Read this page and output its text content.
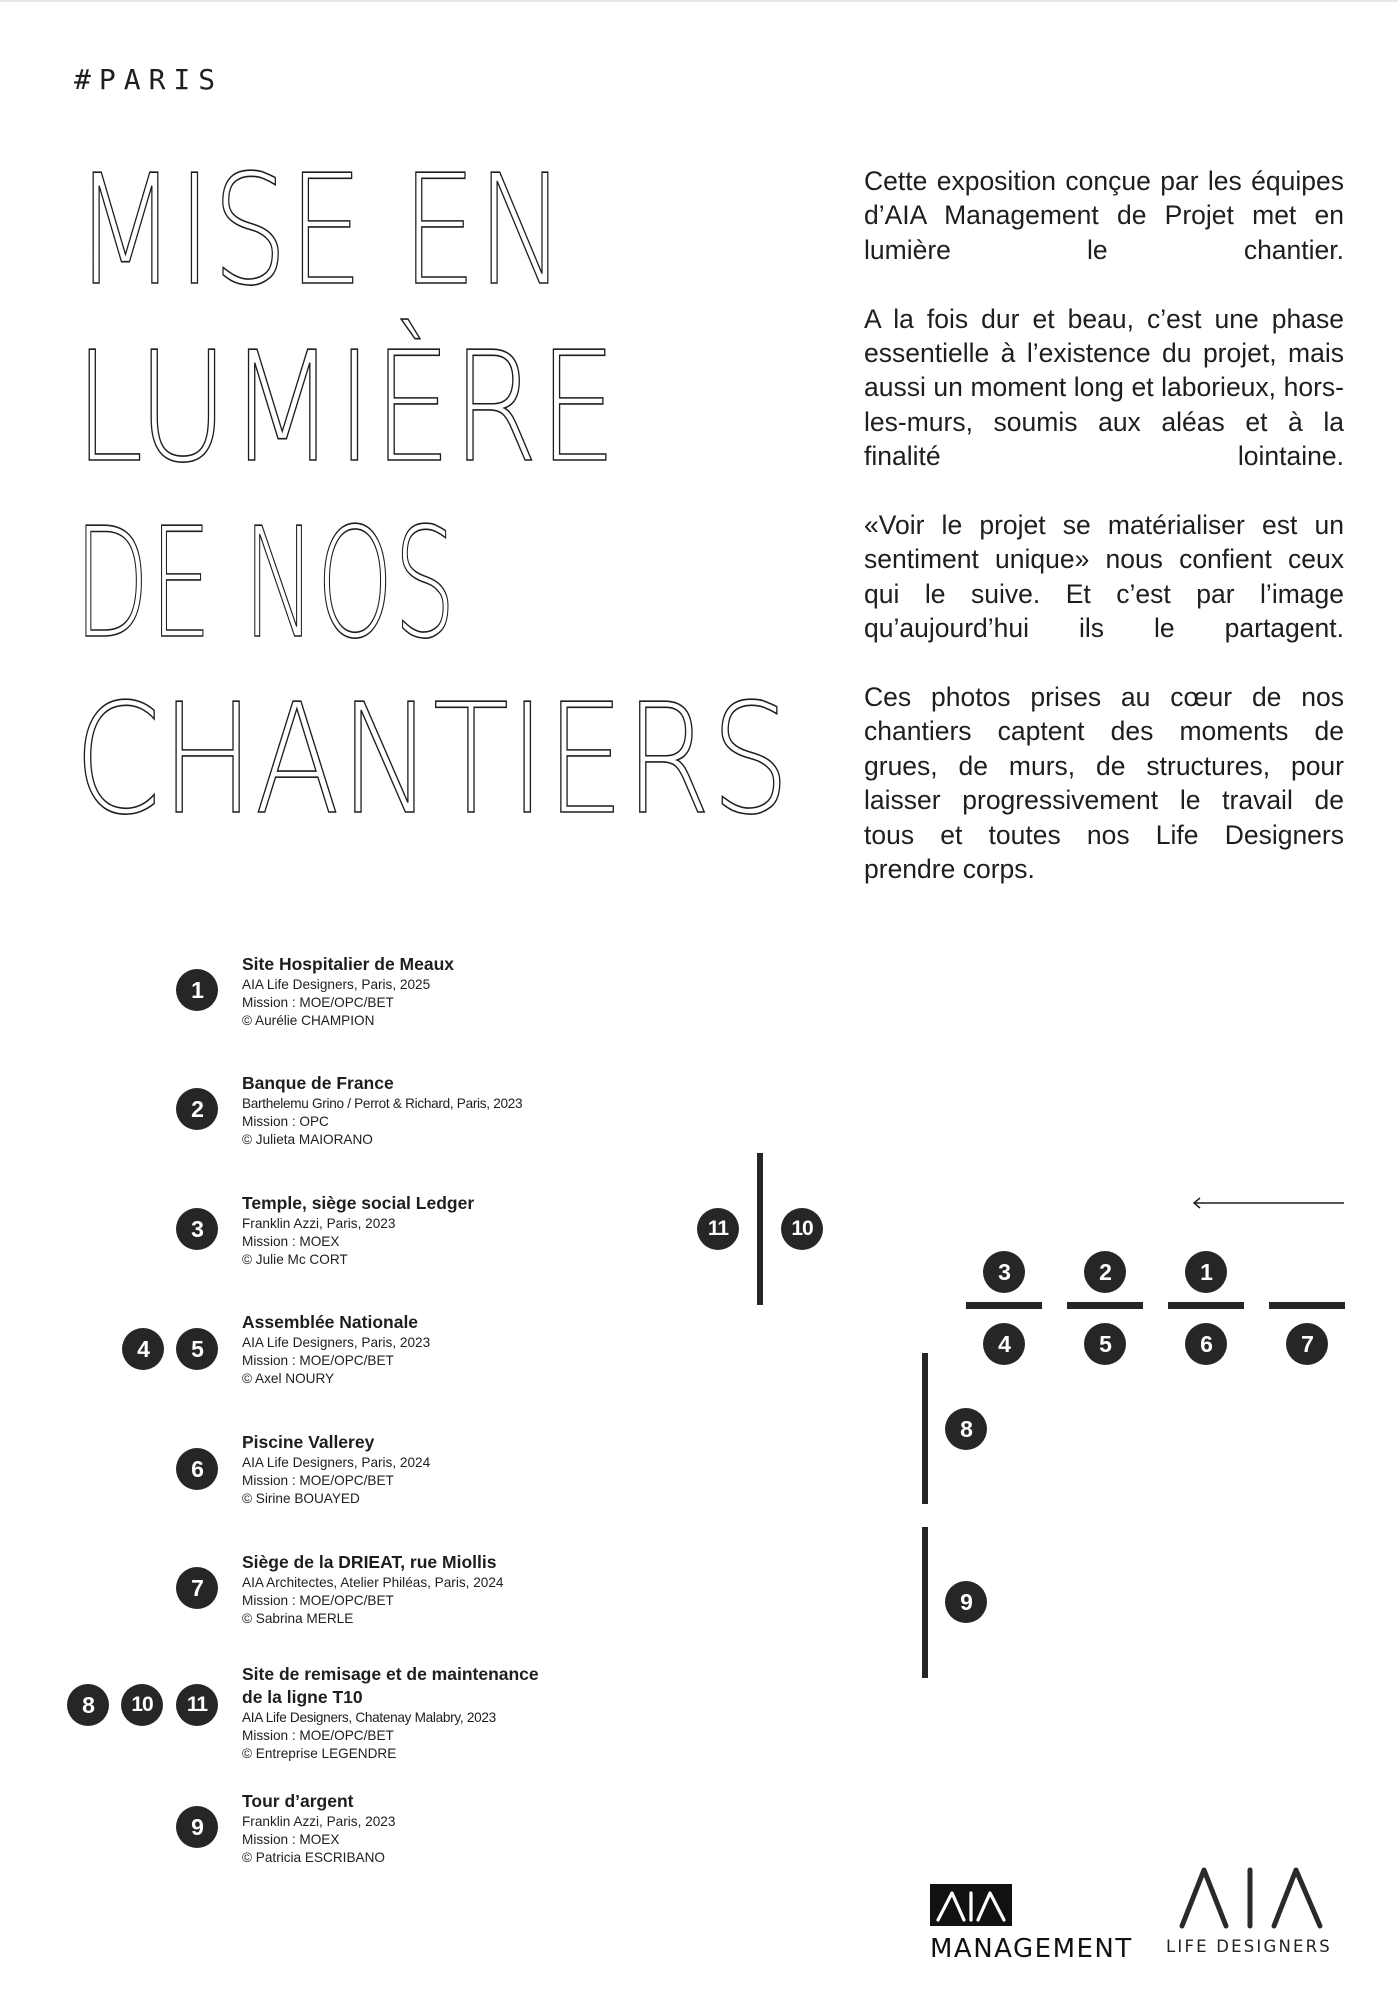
#PARIS
MISE EN
LUMIÈRE
DE NOS
CHANTIERS

Cette exposition conçue par les équipes d’AIA Management de Projet met en lumière le chantier.

A la fois dur et beau, c’est une phase essentielle à l’existence du projet, mais aussi un moment long et laborieux, hors-les-murs, soumis aux aléas et à la finalité lointaine.

«Voir le projet se matérialiser est un sentiment unique» nous confient ceux qui le suive. Et c’est par l’image qu’aujourd’hui ils le partagent.

Ces photos prises au cœur de nos chantiers captent des moments de grues, de murs, de structures, pour laisser progressivement le travail de tous et toutes nos Life Designers prendre corps.

1
Site Hospitalier de Meaux
AIA Life Designers, Paris, 2025
Mission : MOE/OPC/BET
© Aurélie CHAMPION
2
Banque de France
Barthelemu Grino / Perrot & Richard, Paris, 2023
Mission : OPC
© Julieta MAIORANO
3
Temple, siège social Ledger
Franklin Azzi, Paris, 2023
Mission : MOEX
© Julie Mc CORT
4	5
Assemblée Nationale
AIA Life Designers, Paris, 2023
Mission : MOE/OPC/BET
© Axel NOURY
6
Piscine Vallerey
AIA Life Designers, Paris, 2024
Mission : MOE/OPC/BET
© Sirine BOUAYED
7
Siège de la DRIEAT, rue Miollis
AIA Architectes, Atelier Philéas, Paris, 2024
Mission : MOE/OPC/BET
© Sabrina MERLE
8	10	11
Site de remisage et de maintenance de la ligne T10
AIA Life Designers, Chatenay Malabry, 2023
Mission : MOE/OPC/BET
© Entreprise LEGENDRE
9
Tour d’argent
Franklin Azzi, Paris, 2023
Mission : MOEX
© Patricia ESCRIBANO
11	10
3	2	1
4	5	6	7
8
9
MANAGEMENT LIFE DESIGNERS
